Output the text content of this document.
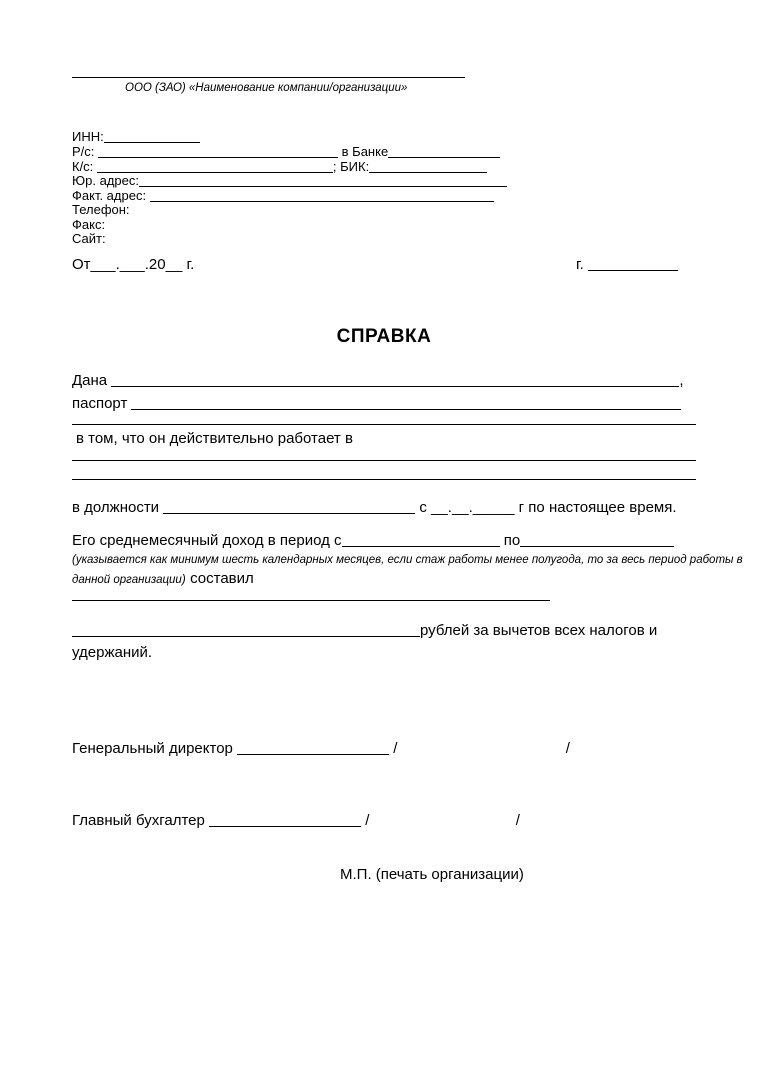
ООО (ЗАО) «Наименование компании/организации»
ИНН:
Р/с:	в Банке
К/с:	; БИК:
Юр. адрес:
Факт. адрес:
Телефон:
Факс:
Сайт:
От___.___.20__ г.	г.
СПРАВКА
Дана	,
паспорт
в том, что он действительно работает в
в должности	с __.__._____ г по настоящее время.
Его среднемесячный доход в период с	по
(указывается как минимум шесть календарных месяцев, если стаж работы менее полугода, то за весь период работы в
данной организации) составил
рублей за вычетов всех налогов и
удержаний.
Генеральный директор	/	/
Главный бухгалтер	/	/
М.П. (печать организации)
